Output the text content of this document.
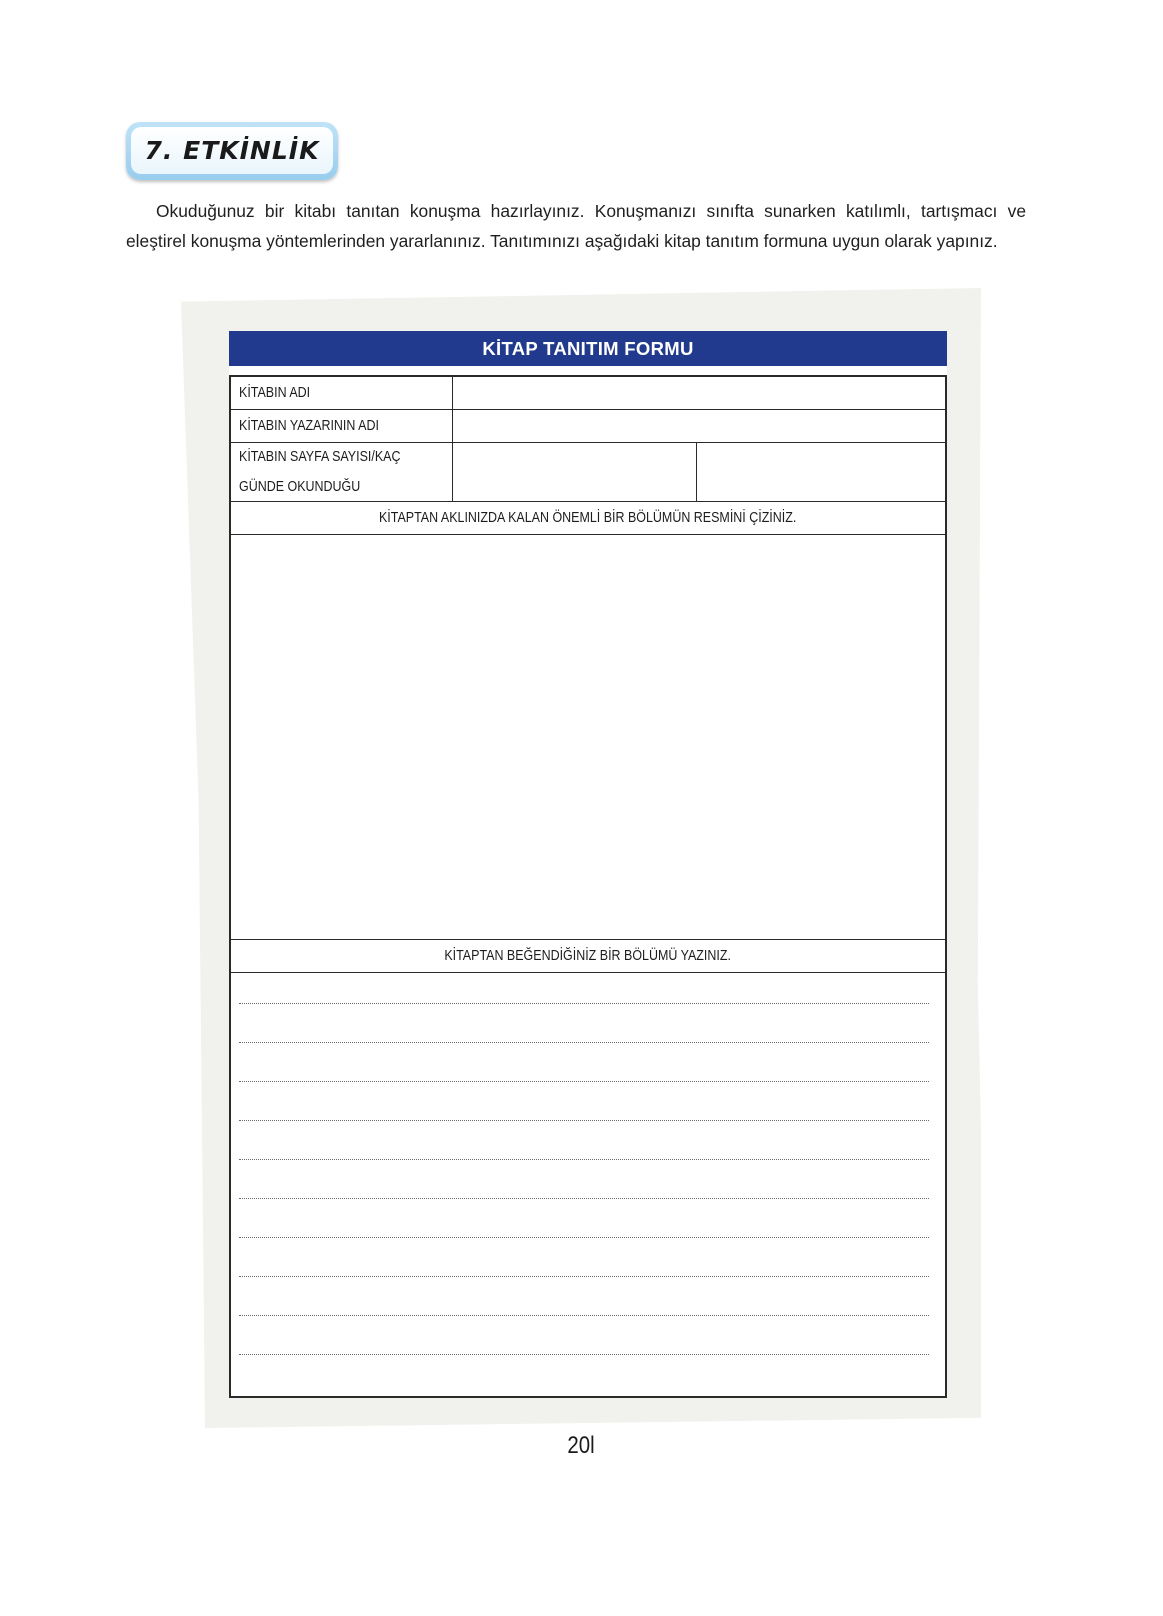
7. ETKİNLİK

Okuduğunuz bir kitabı tanıtan konuşma hazırlayınız. Konuşmanızı sınıfta sunarken katılımlı, tartışmacı ve eleştirel konuşma yöntemlerinden yararlanınız. Tanıtımınızı aşağıdaki kitap tanıtım formuna uygun olarak yapınız.

KİTAP TANITIM FORMU
KİTABIN ADI
KİTABIN YAZARININ ADI
KİTABIN SAYFA SAYISI/KAÇ
GÜNDE OKUNDUĞU
KİTAPTAN AKLINIZDA KALAN ÖNEMLİ BİR BÖLÜMÜN RESMİNİ ÇİZİNİZ.
KİTAPTAN BEĞENDİĞİNİZ BİR BÖLÜMÜ YAZINIZ.
20l
